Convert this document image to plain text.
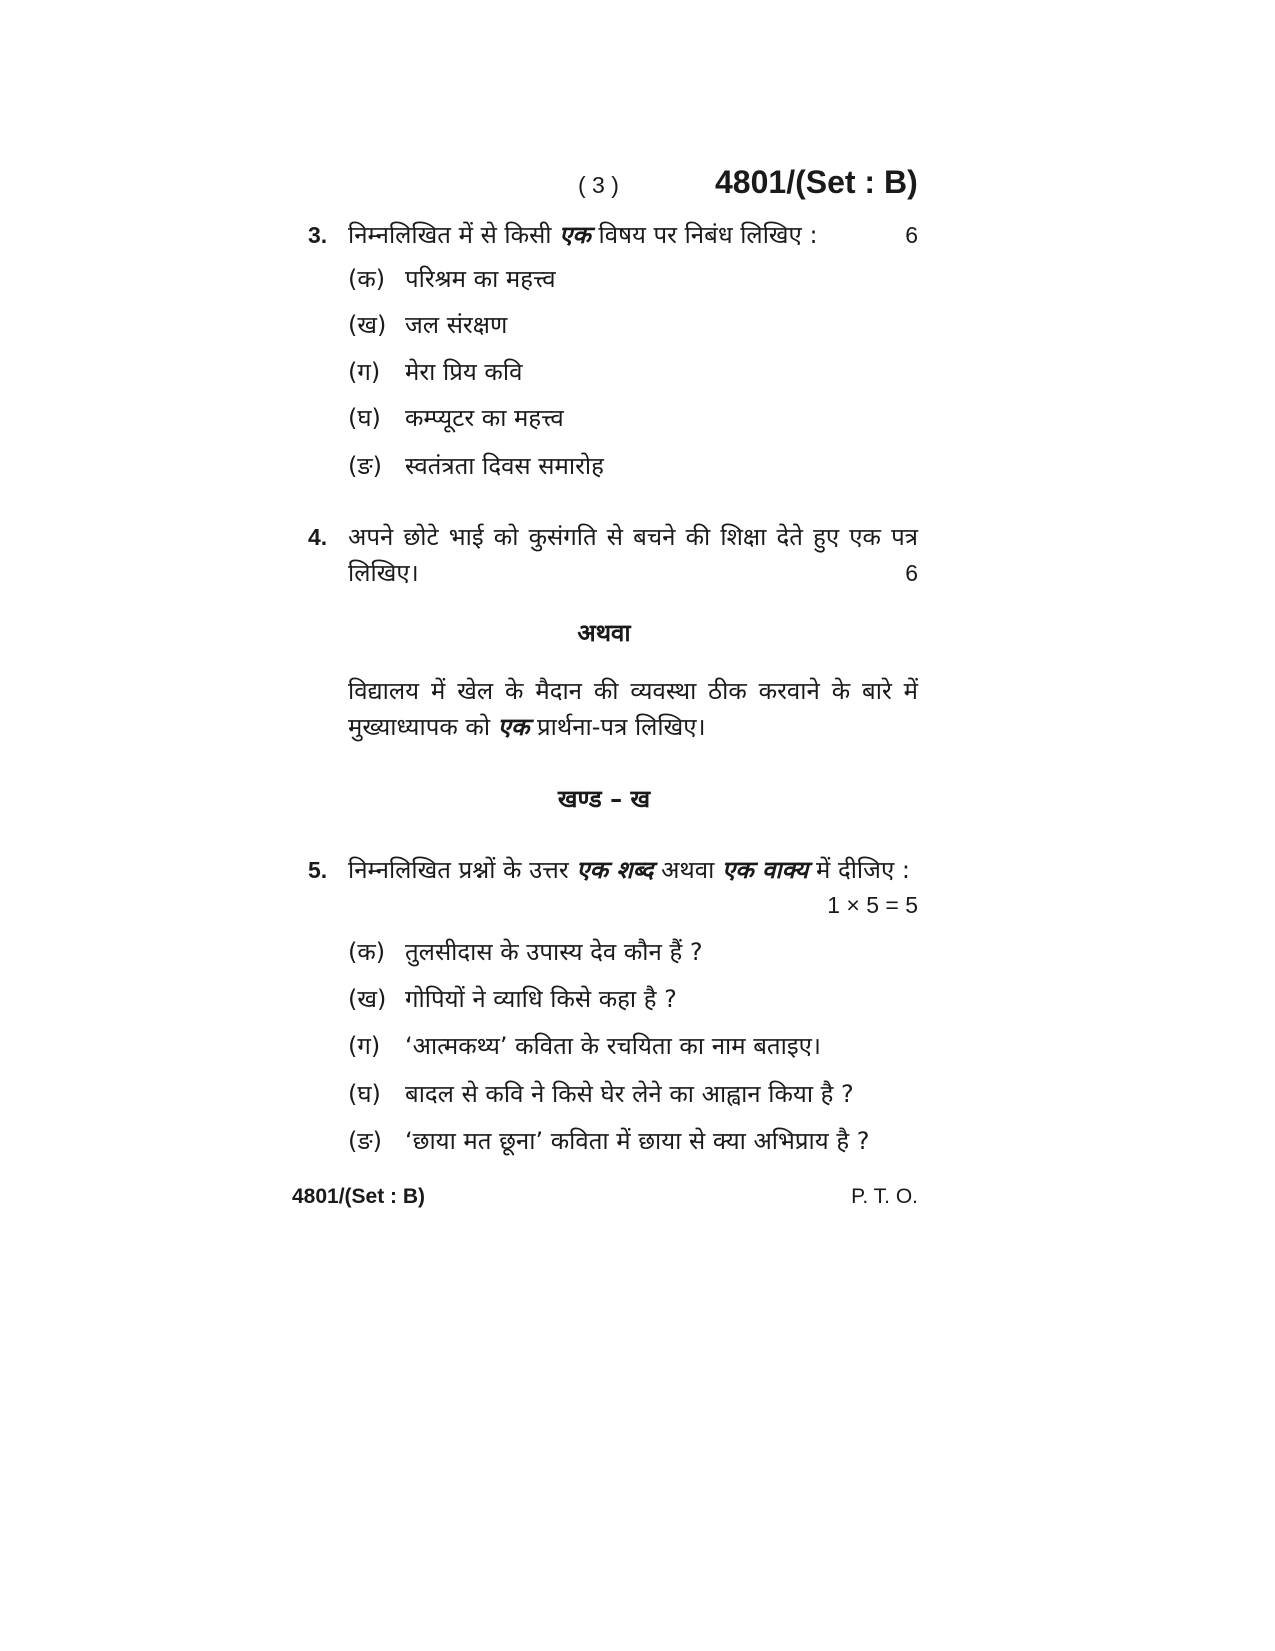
( 3 )	4801/(Set : B)
3. निम्नलिखित में से किसी एक विषय पर निबंध लिखिए :	6
(क) परिश्रम का महत्त्व
(ख) जल संरक्षण
(ग) मेरा प्रिय कवि
(घ) कम्प्यूटर का महत्त्व
(ङ) स्वतंत्रता दिवस समारोह
4. अपने छोटे भाई को कुसंगति से बचने की शिक्षा देते हुए एक पत्र
लिखिए।	6
अथवा
विद्यालय में खेल के मैदान की व्यवस्था ठीक करवाने के बारे में
मुख्याध्यापक को एक प्रार्थना-पत्र लिखिए।
खण्ड – ख
5. निम्नलिखित प्रश्नों के उत्तर एक शब्द अथवा एक वाक्य में दीजिए :
1 × 5 = 5
(क) तुलसीदास के उपास्य देव कौन हैं ?
(ख) गोपियों ने व्याधि किसे कहा है ?
(ग) ‘आत्मकथ्य’ कविता के रचयिता का नाम बताइए।
(घ) बादल से कवि ने किसे घेर लेने का आह्वान किया है ?
(ङ) ‘छाया मत छूना’ कविता में छाया से क्या अभिप्राय है ?
4801/(Set : B)	P. T. O.
